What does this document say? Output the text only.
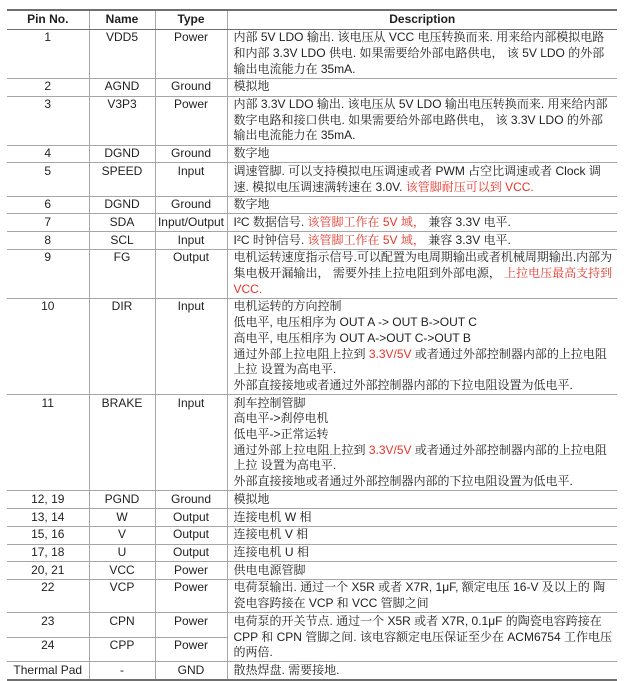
Pin No.	Name	Type	Description
1	VDD5	Power	内部 5V LDO 输出. 该电压从 VCC 电压转换而来. 用来给内部模拟电路和内部 3.3V LDO 供电. 如果需要给外部电路供电， 该 5V LDO 的外部输出电流能力在 35mA.

2	AGND	Ground	模拟地

3	V3P3	Power	内部 3.3V LDO 输出. 该电压从 5V LDO 输出电压转换而来. 用来给内部数字电路和接口供电. 如果需要给外部电路供电， 该 3.3V LDO 的外部输出电流能力在 35mA.

4	DGND	Ground	数字地

5	SPEED	Input	调速管脚. 可以支持模拟电压调速或者 PWM 占空比调速或者 Clock 调速. 模拟电压调速满转速在 3.0V. 该管脚耐压可以到 VCC.

6	DGND	Ground	数字地

7	SDA	Input/Output	I²C 数据信号. 该管脚工作在 5V 域， 兼容 3.3V 电平.

8	SCL	Input	I²C 时钟信号. 该管脚工作在 5V 域， 兼容 3.3V 电平.

9	FG	Output	电机运转速度指示信号.可以配置为电周期输出或者机械周期输出.内部为集电极开漏输出， 需要外挂上拉电阻到外部电源， 上拉电压最高支持到 VCC.

10	DIR	Input	电机运转的方向控制
低电平, 电压相序为 OUT A -> OUT B->OUT C
高电平, 电压相序为 OUT A->OUT C->OUT B
通过外部上拉电阻上拉到 3.3V/5V 或者通过外部控制器内部的上拉电阻上拉 设置为高电平.
外部直接接地或者通过外部控制器内部的下拉电阻设置为低电平.

11	BRAKE	Input	刹车控制管脚
高电平->刹停电机
低电平->正常运转
通过外部上拉电阻上拉到 3.3V/5V 或者通过外部控制器内部的上拉电阻上拉 设置为高电平.
外部直接接地或者通过外部控制器内部的下拉电阻设置为低电平.

12, 19	PGND	Ground	模拟地

13, 14	W	Output	连接电机 W 相

15, 16	V	Output	连接电机 V 相

17, 18	U	Output	连接电机 U 相

20, 21	VCC	Power	供电电源管脚

22	VCP	Power	电荷泵输出. 通过一个 X5R 或者 X7R, 1μF, 额定电压 16-V 及以上的 陶瓷电容跨接在 VCP 和 VCC 管脚之间

23	CPN	Power	电荷泵的开关节点. 通过一个 X5R 或者 X7R, 0.1μF 的陶瓷电容跨接在 CPP 和 CPN 管脚之间. 该电容额定电压保证至少在 ACM6754 工作电压的两倍.

24	CPP	Power	
Thermal Pad	-	GND	散热焊盘. 需要接地.
